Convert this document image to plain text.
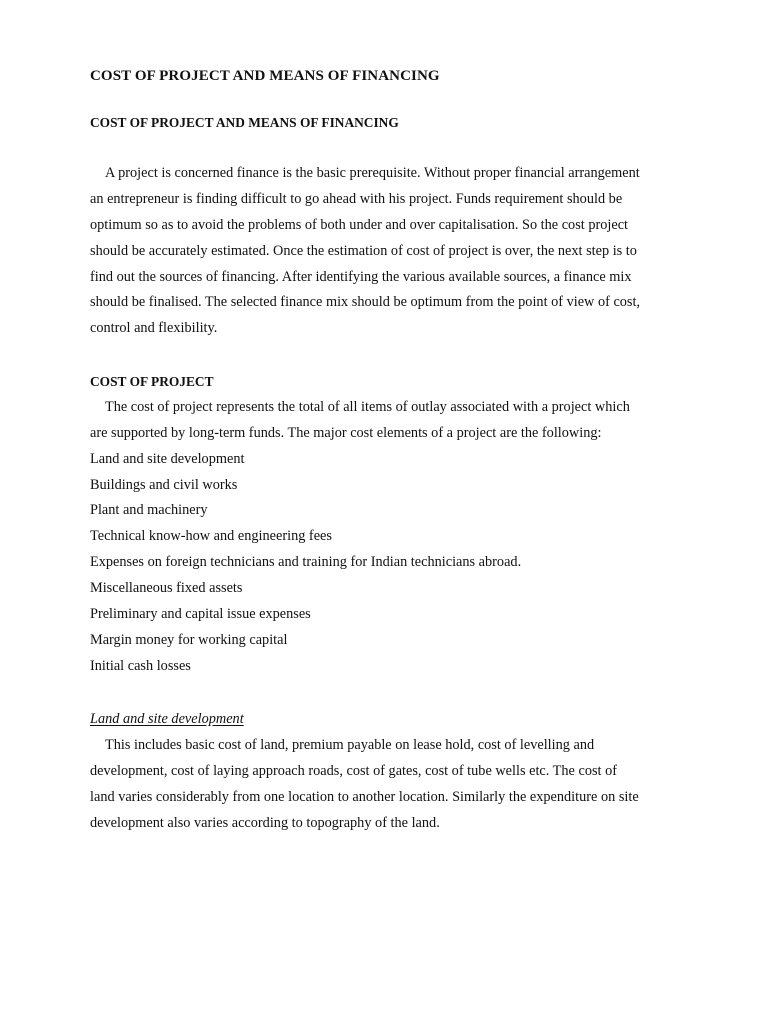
COST OF PROJECT AND MEANS OF FINANCING
COST OF PROJECT AND MEANS OF FINANCING
A project is concerned finance is the basic prerequisite. Without proper financial arrangement
an entrepreneur is finding difficult to go ahead with his project. Funds requirement should be
optimum so as to avoid the problems of both under and over capitalisation. So the cost project
should be accurately estimated. Once the estimation of cost of project is over, the next step is to
find out the sources of financing. After identifying the various available sources, a finance mix
should be finalised. The selected finance mix should be optimum from the point of view of cost,
control and flexibility.
COST OF PROJECT
The cost of project represents the total of all items of outlay associated with a project which
are supported by long-term funds. The major cost elements of a project are the following:
Land and site development
Buildings and civil works
Plant and machinery
Technical know-how and engineering fees
Expenses on foreign technicians and training for Indian technicians abroad.
Miscellaneous fixed assets
Preliminary and capital issue expenses
Margin money for working capital
Initial cash losses
Land and site development
This includes basic cost of land, premium payable on lease hold, cost of levelling and
development, cost of laying approach roads, cost of gates, cost of tube wells etc. The cost of
land varies considerably from one location to another location. Similarly the expenditure on site
development also varies according to topography of the land.
